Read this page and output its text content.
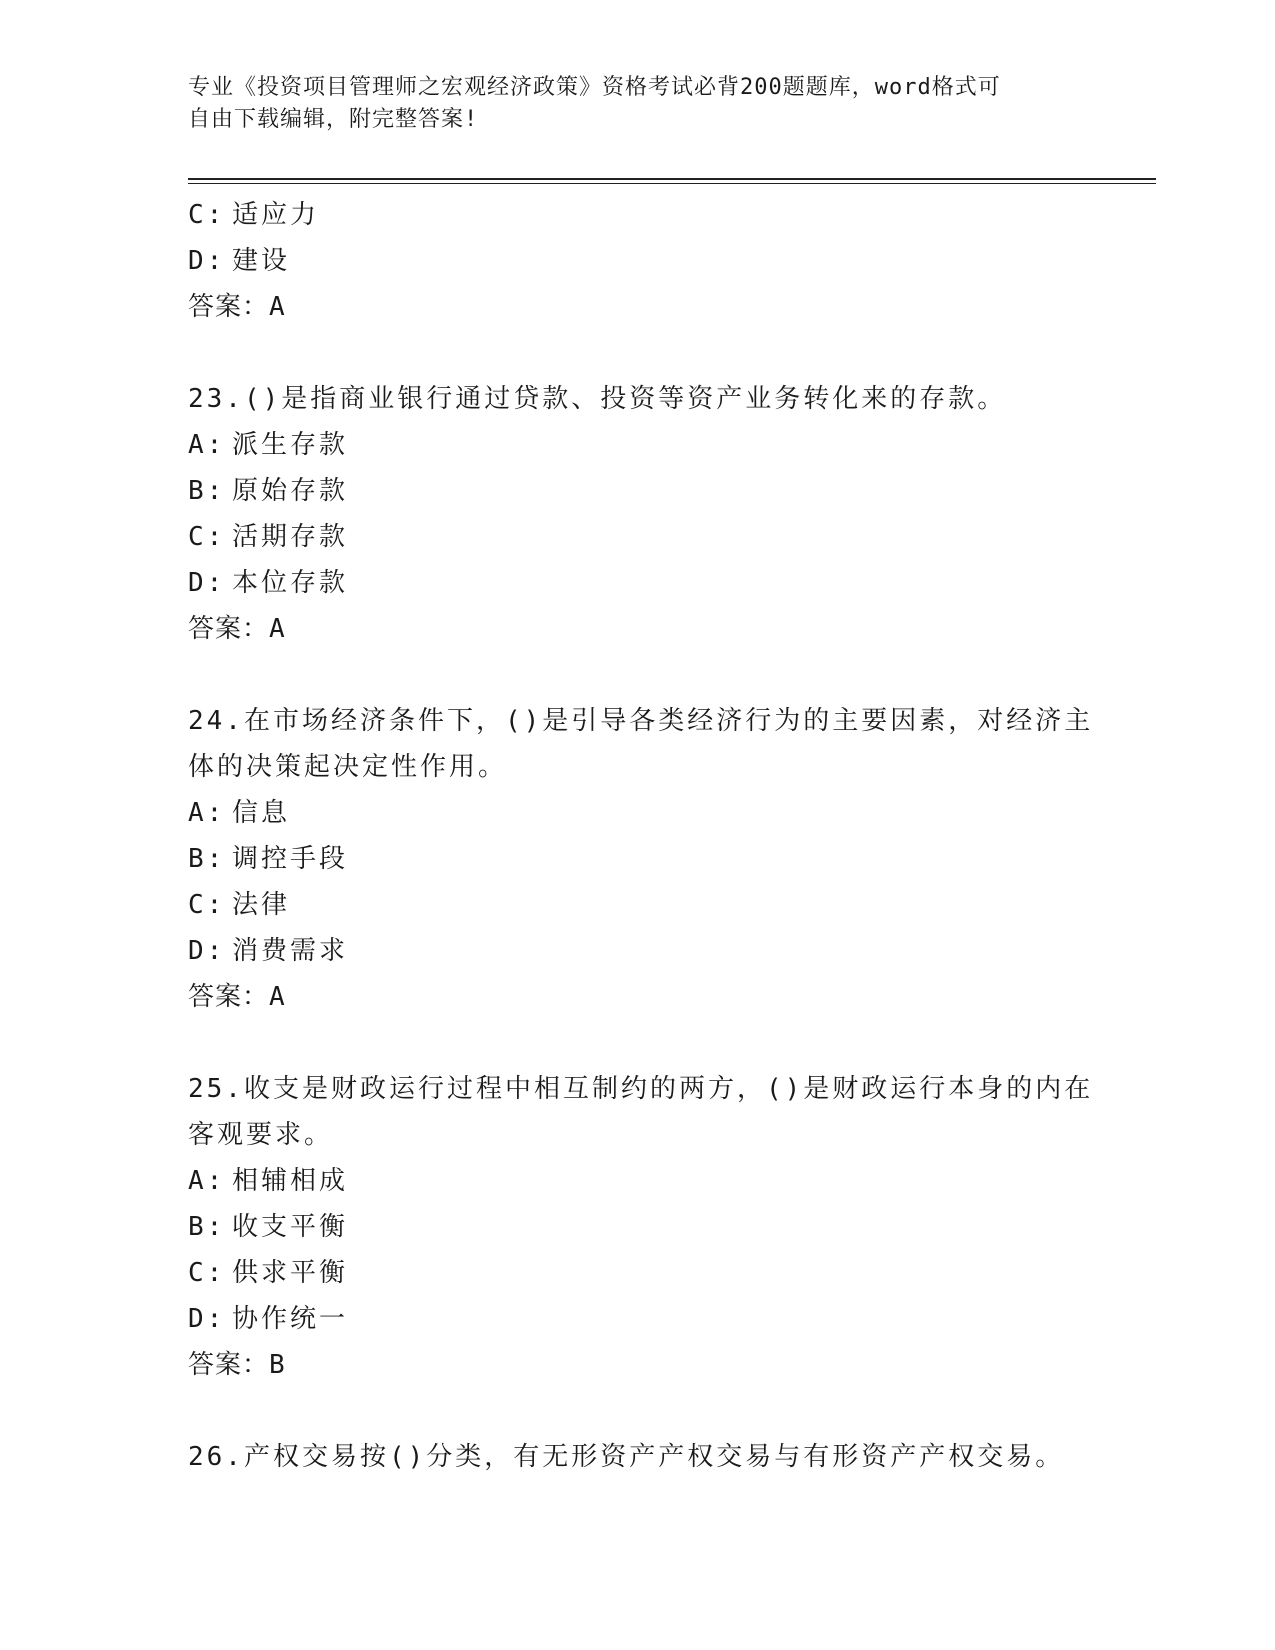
专业《投资项目管理师之宏观经济政策》资格考试必背200题题库，word格式可
自由下载编辑，附完整答案!
C: 适应力
D: 建设
答案：A
23.()是指商业银行通过贷款、投资等资产业务转化来的存款。
A: 派生存款
B: 原始存款
C: 活期存款
D: 本位存款
答案：A
24.在市场经济条件下，()是引导各类经济行为的主要因素，对经济主
体的决策起决定性作用。
A: 信息
B: 调控手段
C: 法律
D: 消费需求
答案：A
25.收支是财政运行过程中相互制约的两方，()是财政运行本身的内在
客观要求。
A: 相辅相成
B: 收支平衡
C: 供求平衡
D: 协作统一
答案：B
26.产权交易按()分类，有无形资产产权交易与有形资产产权交易。
